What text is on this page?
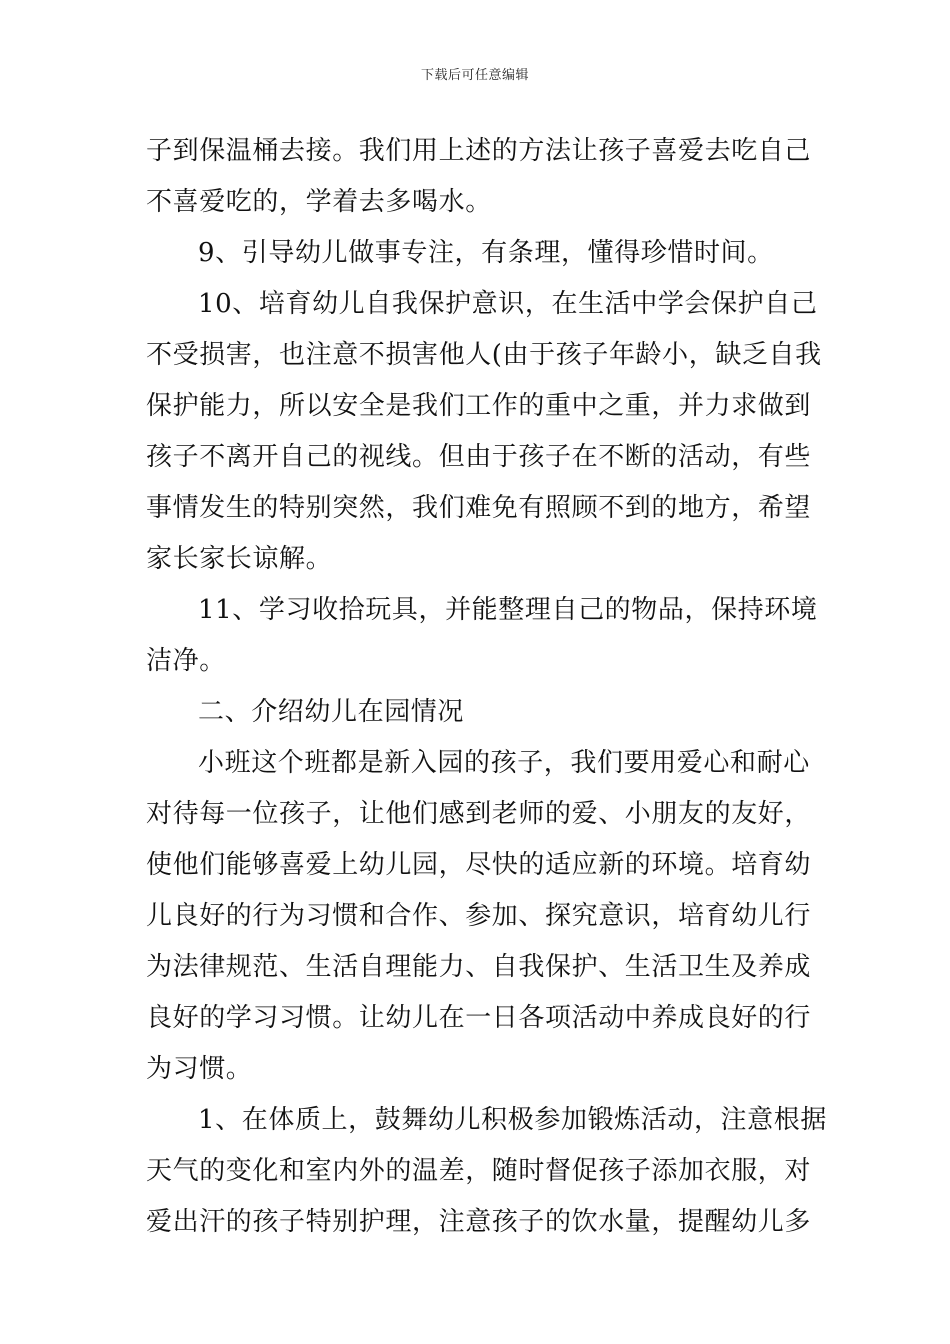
下载后可任意编辑
子到保温桶去接。我们用上述的方法让孩子喜爱去吃自己
不喜爱吃的，学着去多喝水。
9、引导幼儿做事专注，有条理，懂得珍惜时间。
10、培育幼儿自我保护意识，在生活中学会保护自己
不受损害，也注意不损害他人(由于孩子年龄小，缺乏自我
保护能力，所以安全是我们工作的重中之重，并力求做到
孩子不离开自己的视线。但由于孩子在不断的活动，有些
事情发生的特别突然，我们难免有照顾不到的地方，希望
家长家长谅解。
11、学习收拾玩具，并能整理自己的物品，保持环境
洁净。
二、介绍幼儿在园情况
小班这个班都是新入园的孩子，我们要用爱心和耐心
对待每一位孩子，让他们感到老师的爱、小朋友的友好，
使他们能够喜爱上幼儿园，尽快的适应新的环境。培育幼
儿良好的行为习惯和合作、参加、探究意识，培育幼儿行
为法律规范、生活自理能力、自我保护、生活卫生及养成
良好的学习习惯。让幼儿在一日各项活动中养成良好的行
为习惯。
1、在体质上，鼓舞幼儿积极参加锻炼活动，注意根据
天气的变化和室内外的温差，随时督促孩子添加衣服，对
爱出汗的孩子特别护理，注意孩子的饮水量，提醒幼儿多
